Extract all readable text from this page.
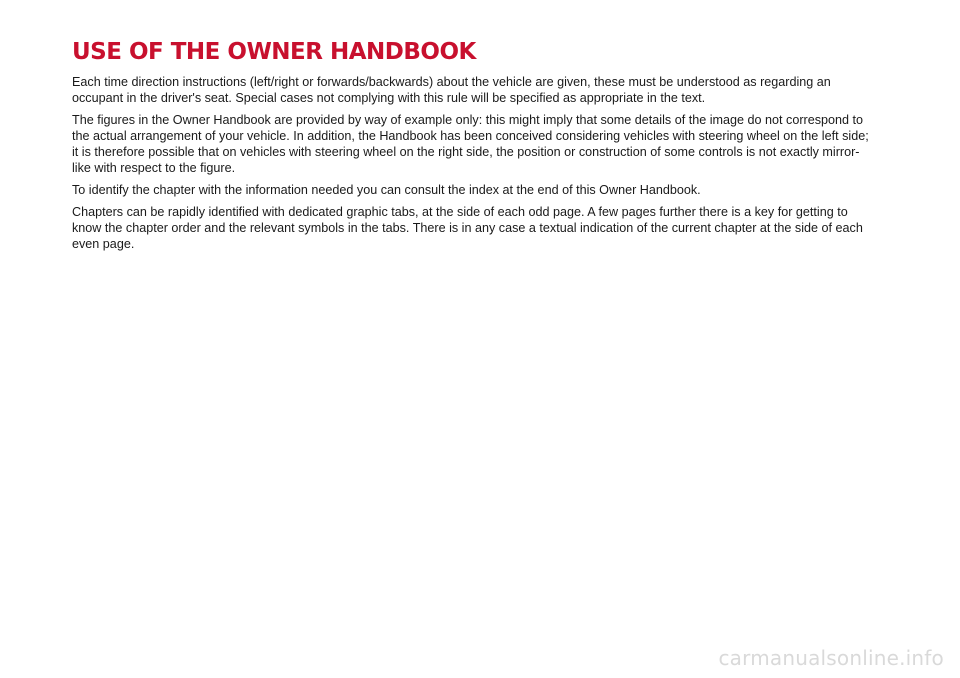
USE OF THE OWNER HANDBOOK

Each time direction instructions (left/right or forwards/backwards) about the vehicle are given, these must be understood as regarding an occupant in the driver's seat. Special cases not complying with this rule will be specified as appropriate in the text.

The figures in the Owner Handbook are provided by way of example only: this might imply that some details of the image do not correspond to the actual arrangement of your vehicle. In addition, the Handbook has been conceived considering vehicles with steering wheel on the left side; it is therefore possible that on vehicles with steering wheel on the right side, the position or construction of some controls is not exactly mirror-like with respect to the figure.

To identify the chapter with the information needed you can consult the index at the end of this Owner Handbook.

Chapters can be rapidly identified with dedicated graphic tabs, at the side of each odd page. A few pages further there is a key for getting to know the chapter order and the relevant symbols in the tabs. There is in any case a textual indication of the current chapter at the side of each even page.

carmanualsonline.info
